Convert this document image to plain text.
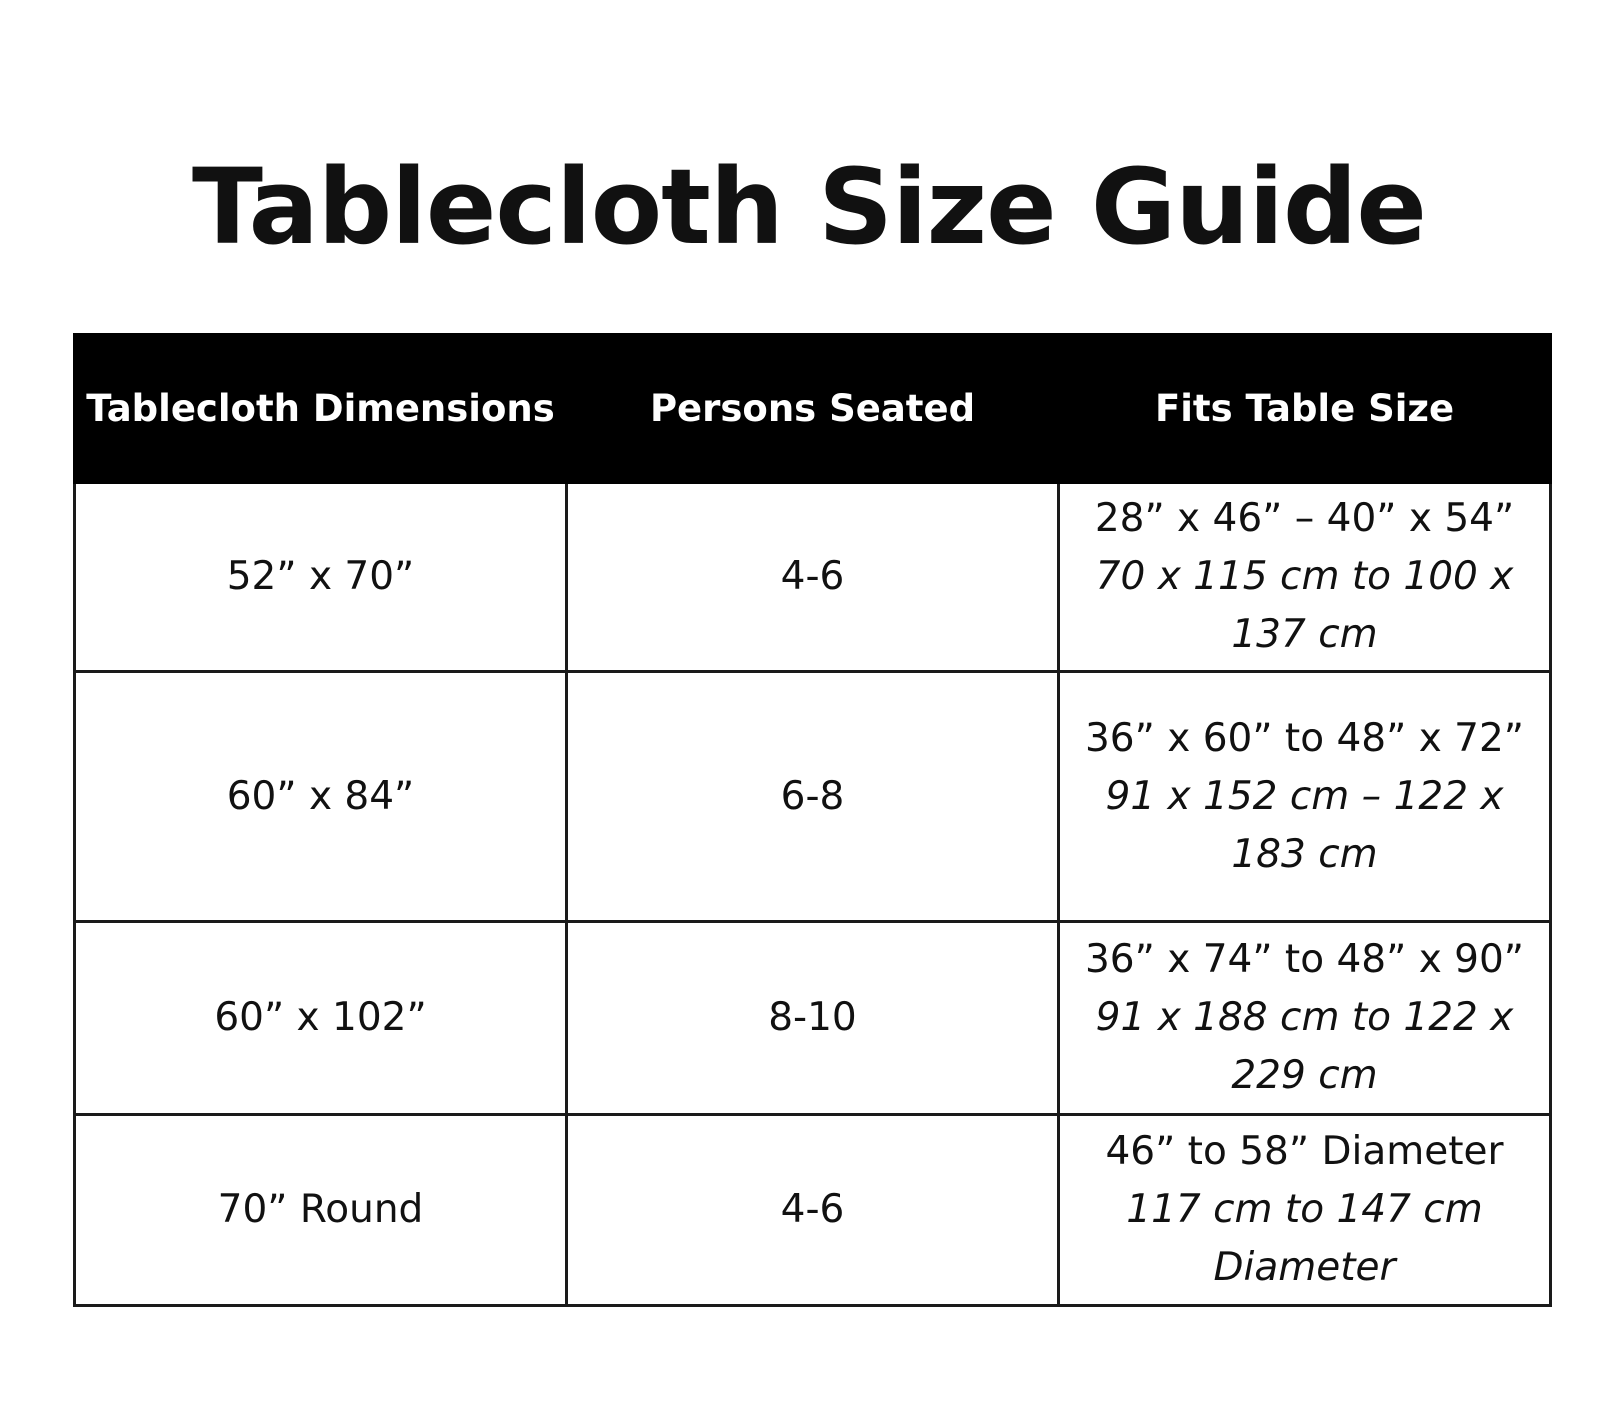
Tablecloth Size Guide
Tablecloth Dimensions	Persons Seated	Fits Table Size
52” x 70”	4-6	28” x 46” – 40” x 54”
70 x 115 cm to 100 x 137 cm

60” x 84”	6-8	36” x 60” to 48” x 72”
91 x 152 cm – 122 x 183 cm

60” x 102”	8-10	36” x 74” to 48” x 90”
91 x 188 cm to 122 x 229 cm

70” Round	4-6	46” to 58” Diameter
117 cm to 147 cm Diameter
